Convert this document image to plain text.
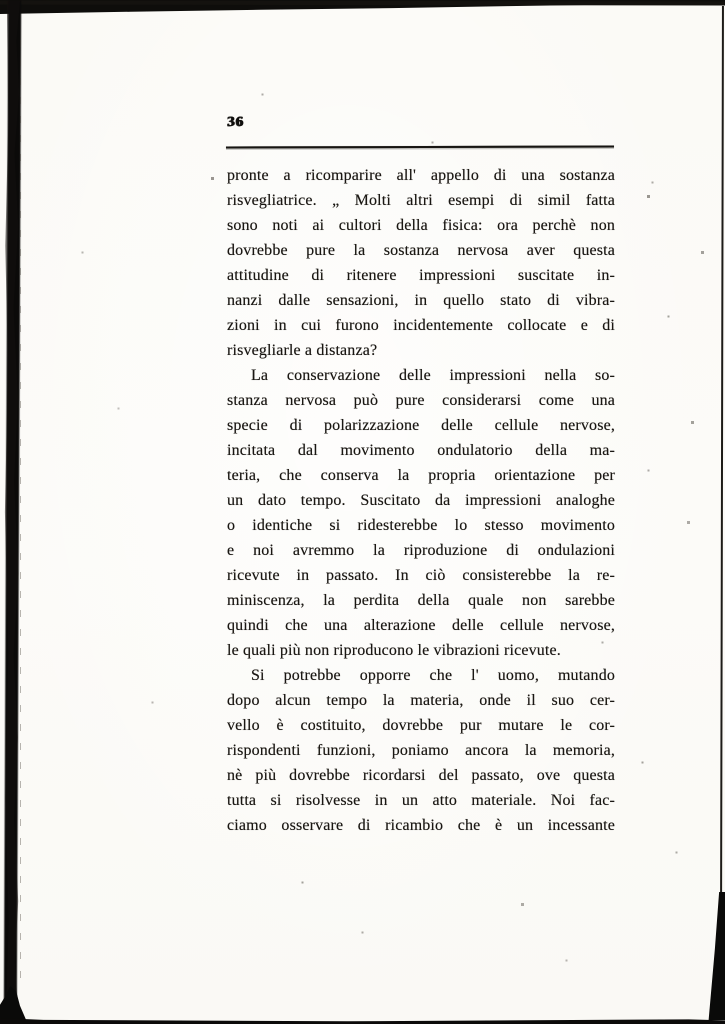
36
pronte a ricomparire all' appello di una sostanza
risvegliatrice. „ Molti altri esempi di simil fatta
sono noti ai cultori della fisica: ora perchè non
dovrebbe pure la sostanza nervosa aver questa
attitudine di ritenere impressioni suscitate in-
nanzi dalle sensazioni, in quello stato di vibra-
zioni in cui furono incidentemente collocate e di
risvegliarle a distanza?
La conservazione delle impressioni nella so-
stanza nervosa può pure considerarsi come una
specie di polarizzazione delle cellule nervose,
incitata dal movimento ondulatorio della ma-
teria, che conserva la propria orientazione per
un dato tempo. Suscitato da impressioni analoghe
o identiche si ridesterebbe lo stesso movimento
e noi avremmo la riproduzione di ondulazioni
ricevute in passato. In ciò consisterebbe la re-
miniscenza, la perdita della quale non sarebbe
quindi che una alterazione delle cellule nervose,
le quali più non riproducono le vibrazioni ricevute.
Si potrebbe opporre che l' uomo, mutando
dopo alcun tempo la materia, onde il suo cer-
vello è costituito, dovrebbe pur mutare le cor-
rispondenti funzioni, poniamo ancora la memoria,
nè più dovrebbe ricordarsi del passato, ove questa
tutta si risolvesse in un atto materiale. Noi fac-
ciamo osservare di ricambio che è un incessante
